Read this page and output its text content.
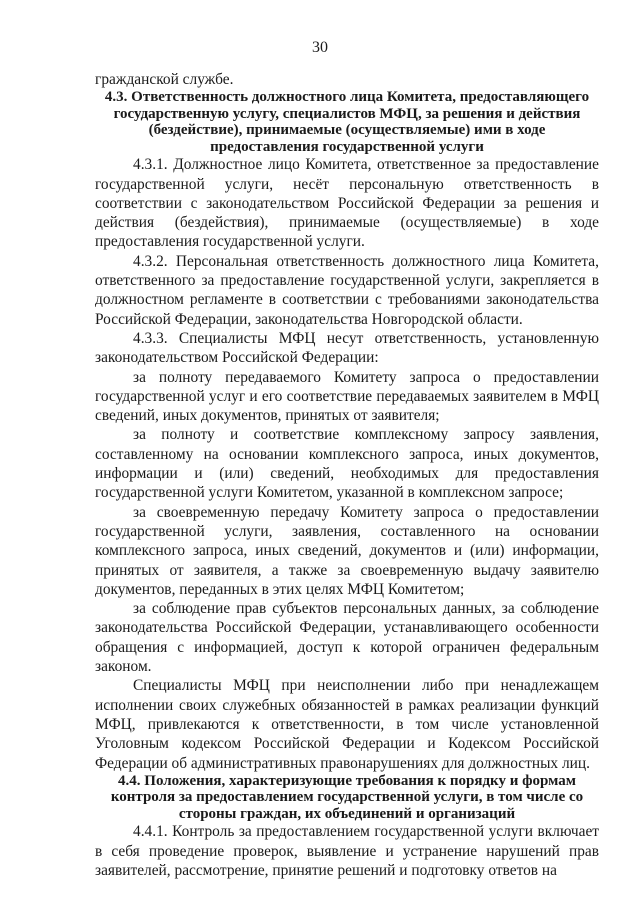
30

гражданской службе.

4.3. Ответственность должностного лица Комитета, предоставляющего государственную услугу, специалистов МФЦ, за решения и действия (бездействие), принимаемые (осуществляемые) ими в ходе предоставления государственной услуги

4.3.1. Должностное лицо Комитета, ответственное за предоставление государственной услуги, несёт персональную ответственность в соответствии с законодательством Российской Федерации за решения и действия (бездействия), принимаемые (осуществляемые) в ходе предоставления государственной услуги.

4.3.2. Персональная ответственность должностного лица Комитета, ответственного за предоставление государственной услуги, закрепляется в должностном регламенте в соответствии с требованиями законодательства Российской Федерации, законодательства Новгородской области.

4.3.3. Специалисты МФЦ несут ответственность, установленную законодательством Российской Федерации:

за полноту передаваемого Комитету запроса о предоставлении государственной услуг и его соответствие передаваемых заявителем в МФЦ сведений, иных документов, принятых от заявителя;

за полноту и соответствие комплексному запросу заявления, составленному на основании комплексного запроса, иных документов, информации и (или) сведений, необходимых для предоставления государственной услуги Комитетом, указанной в комплексном запросе;

за своевременную передачу Комитету запроса о предоставлении государственной услуги, заявления, составленного на основании комплексного запроса, иных сведений, документов и (или) информации, принятых от заявителя, а также за своевременную выдачу заявителю документов, переданных в этих целях МФЦ Комитетом;

за соблюдение прав субъектов персональных данных, за соблюдение законодательства Российской Федерации, устанавливающего особенности обращения с информацией, доступ к которой ограничен федеральным законом.

Специалисты МФЦ при неисполнении либо при ненадлежащем исполнении своих служебных обязанностей в рамках реализации функций МФЦ, привлекаются к ответственности, в том числе установленной Уголовным кодексом Российской Федерации и Кодексом Российской Федерации об административных правонарушениях для должностных лиц.

4.4. Положения, характеризующие требования к порядку и формам контроля за предоставлением государственной услуги, в том числе со стороны граждан, их объединений и организаций

4.4.1. Контроль за предоставлением государственной услуги включает в себя проведение проверок, выявление и устранение нарушений прав заявителей, рассмотрение, принятие решений и подготовку ответов на
